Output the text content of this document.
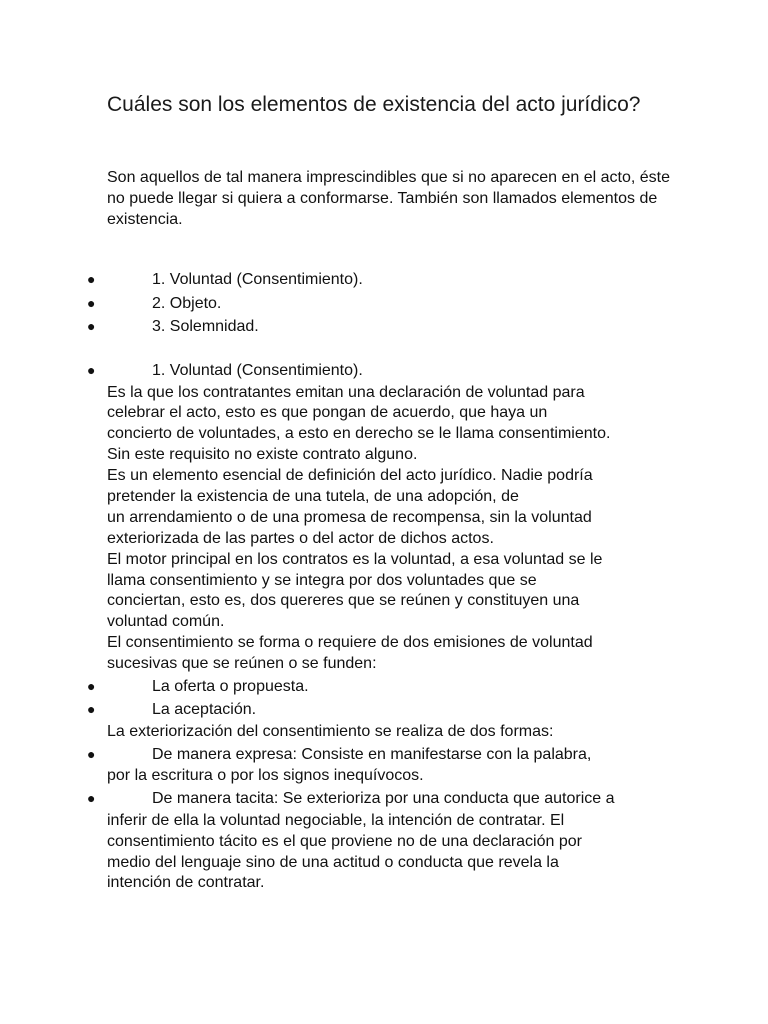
Cuáles son los elementos de existencia del acto jurídico?

Son aquellos de tal manera imprescindibles que si no aparecen en el acto, éste no puede llegar si quiera a conformarse. También son llamados elementos de existencia.

●	1. Voluntad (Consentimiento).
●	2. Objeto.
●	3. Solemnidad.
●	1. Voluntad (Consentimiento).
Es la que los contratantes emitan una declaración de voluntad para
celebrar el acto, esto es que pongan de acuerdo, que haya un
concierto de voluntades, a esto en derecho se le llama consentimiento.
Sin este requisito no existe contrato alguno.
Es un elemento esencial de definición del acto jurídico. Nadie podría
pretender la existencia de una tutela, de una adopción, de
un arrendamiento o de una promesa de recompensa, sin la voluntad
exteriorizada de las partes o del actor de dichos actos.
El motor principal en los contratos es la voluntad, a esa voluntad se le
llama consentimiento y se integra por dos voluntades que se
conciertan, esto es, dos quereres que se reúnen y constituyen una
voluntad común.
El consentimiento se forma o requiere de dos emisiones de voluntad
sucesivas que se reúnen o se funden:
●	La oferta o propuesta.
●	La aceptación.
La exteriorización del consentimiento se realiza de dos formas:
●	De manera expresa: Consiste en manifestarse con la palabra,
por la escritura o por los signos inequívocos.
●	De manera tacita: Se exterioriza por una conducta que autorice a
inferir de ella la voluntad negociable, la intención de contratar. El
consentimiento tácito es el que proviene no de una declaración por
medio del lenguaje sino de una actitud o conducta que revela la
intención de contratar.
